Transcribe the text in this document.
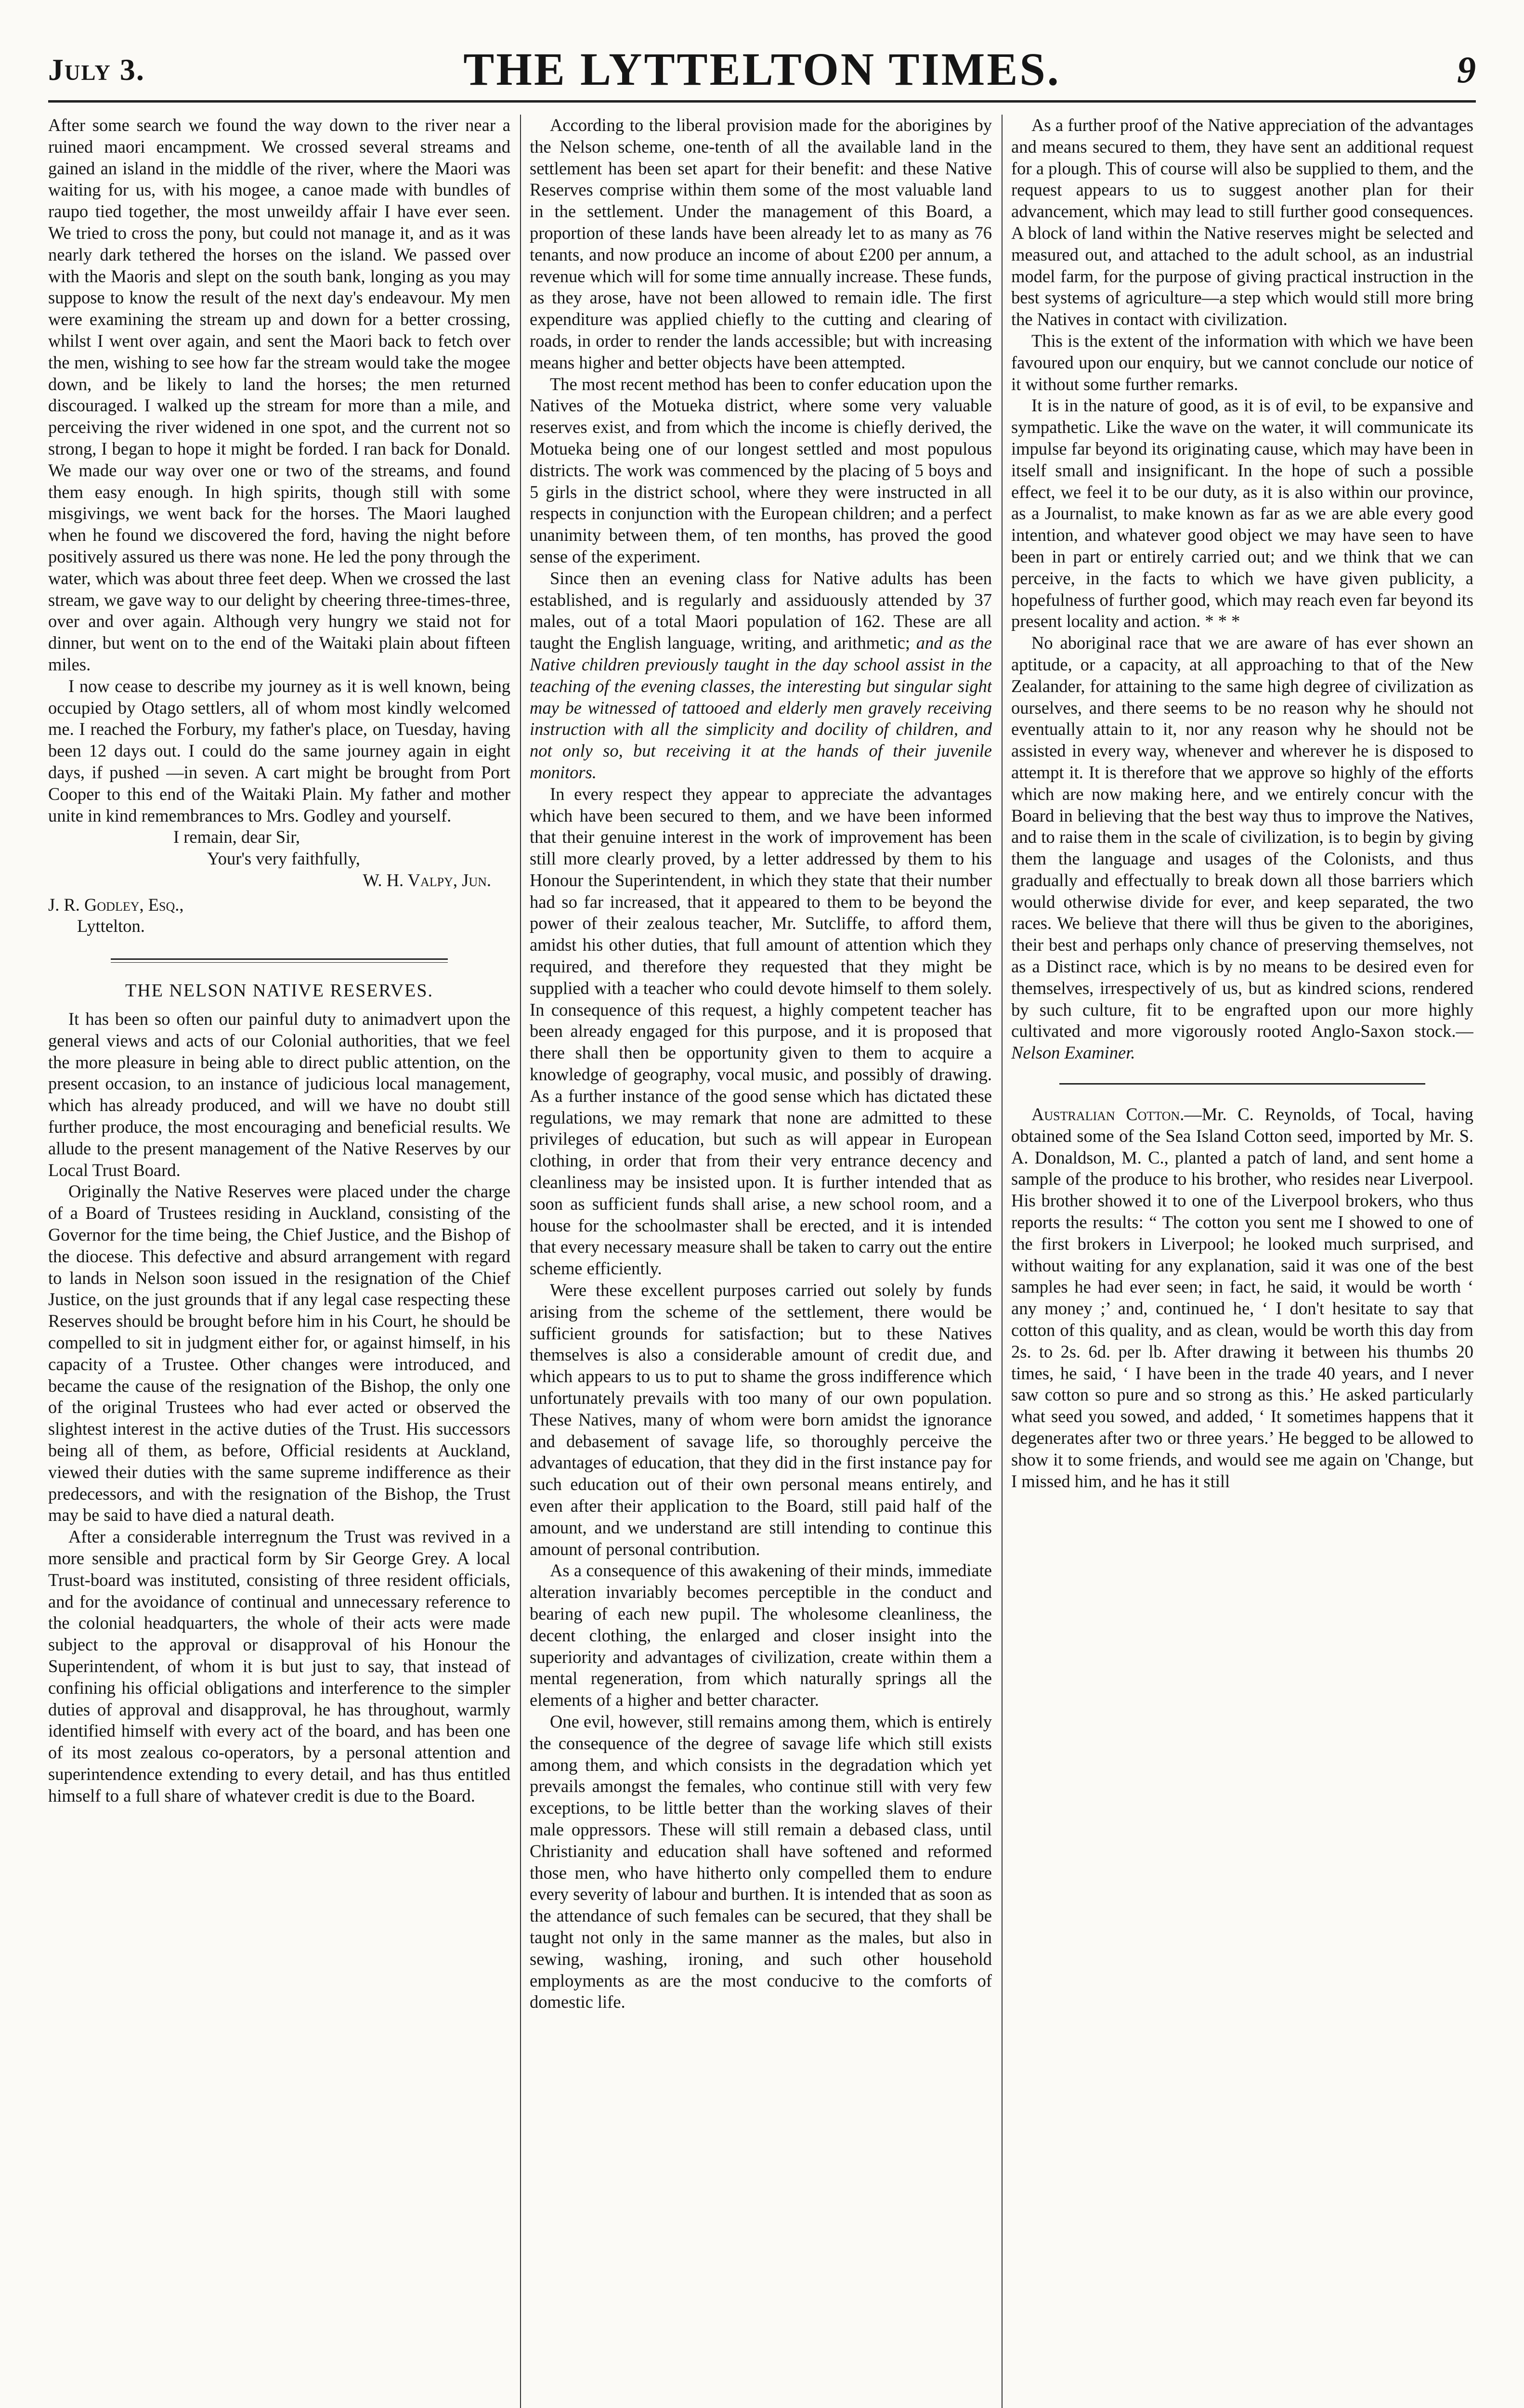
July 3.	THE LYTTELTON TIMES.	9

After some search we found the way down to the river near a ruined maori encampment. We crossed several streams and gained an island in the middle of the river, where the Maori was waiting for us, with his mogee, a canoe made with bundles of raupo tied together, the most unweildy affair I have ever seen. We tried to cross the pony, but could not manage it, and as it was nearly dark tethered the horses on the island. We passed over with the Maoris and slept on the south bank, longing as you may suppose to know the result of the next day's endeavour. My men were examining the stream up and down for a better crossing, whilst I went over again, and sent the Maori back to fetch over the men, wishing to see how far the stream would take the mogee down, and be likely to land the horses; the men returned discouraged. I walked up the stream for more than a mile, and perceiving the river widened in one spot, and the current not so strong, I began to hope it might be forded. I ran back for Donald. We made our way over one or two of the streams, and found them easy enough. In high spirits, though still with some misgivings, we went back for the horses. The Maori laughed when he found we discovered the ford, having the night before positively assured us there was none. He led the pony through the water, which was about three feet deep. When we crossed the last stream, we gave way to our delight by cheering three-times-three, over and over again. Although very hungry we staid not for dinner, but went on to the end of the Waitaki plain about fifteen miles.

I now cease to describe my journey as it is well known, being occupied by Otago settlers, all of whom most kindly welcomed me. I reached the Forbury, my father's place, on Tuesday, having been 12 days out. I could do the same journey again in eight days, if pushed —in seven. A cart might be brought from Port Cooper to this end of the Waitaki Plain. My father and mother unite in kind remembrances to Mrs. Godley and yourself.

I remain, dear Sir,
Your's very faithfully,
W. H. Valpy, Jun.
J. R. Godley, Esq.,
Lyttelton.
THE NELSON NATIVE RESERVES.

It has been so often our painful duty to animadvert upon the general views and acts of our Colonial authorities, that we feel the more pleasure in being able to direct public attention, on the present occasion, to an instance of judicious local management, which has already produced, and will we have no doubt still further produce, the most encouraging and beneficial results. We allude to the present management of the Native Reserves by our Local Trust Board.

Originally the Native Reserves were placed under the charge of a Board of Trustees residing in Auckland, consisting of the Governor for the time being, the Chief Justice, and the Bishop of the diocese. This defective and absurd arrangement with regard to lands in Nelson soon issued in the resignation of the Chief Justice, on the just grounds that if any legal case respecting these Reserves should be brought before him in his Court, he should be compelled to sit in judgment either for, or against himself, in his capacity of a Trustee. Other changes were introduced, and became the cause of the resignation of the Bishop, the only one of the original Trustees who had ever acted or observed the slightest interest in the active duties of the Trust. His successors being all of them, as before, Official residents at Auckland, viewed their duties with the same supreme indifference as their predecessors, and with the resignation of the Bishop, the Trust may be said to have died a natural death.

After a considerable interregnum the Trust was revived in a more sensible and practical form by Sir George Grey. A local Trust-board was instituted, consisting of three resident officials, and for the avoidance of continual and unnecessary reference to the colonial headquarters, the whole of their acts were made subject to the approval or disapproval of his Honour the Superintendent, of whom it is but just to say, that instead of confining his official obligations and interference to the simpler duties of approval and disapproval, he has throughout, warmly identified himself with every act of the board, and has been one of its most zealous co-operators, by a personal attention and superintendence extending to every detail, and has thus entitled himself to a full share of whatever credit is due to the Board.

According to the liberal provision made for the aborigines by the Nelson scheme, one-tenth of all the available land in the settlement has been set apart for their benefit: and these Native Reserves comprise within them some of the most valuable land in the settlement. Under the management of this Board, a proportion of these lands have been already let to as many as 76 tenants, and now produce an income of about £200 per annum, a revenue which will for some time annually increase. These funds, as they arose, have not been allowed to remain idle. The first expenditure was applied chiefly to the cutting and clearing of roads, in order to render the lands accessible; but with increasing means higher and better objects have been attempted.

The most recent method has been to confer education upon the Natives of the Motueka district, where some very valuable reserves exist, and from which the income is chiefly derived, the Motueka being one of our longest settled and most populous districts. The work was commenced by the placing of 5 boys and 5 girls in the district school, where they were instructed in all respects in conjunction with the European children; and a perfect unanimity between them, of ten months, has proved the good sense of the experiment.

Since then an evening class for Native adults has been established, and is regularly and assiduously attended by 37 males, out of a total Maori population of 162. These are all taught the English language, writing, and arithmetic; and as the Native children previously taught in the day school assist in the teaching of the evening classes, the interesting but singular sight may be witnessed of tattooed and elderly men gravely receiving instruction with all the simplicity and docility of children, and not only so, but receiving it at the hands of their juvenile monitors.

In every respect they appear to appreciate the advantages which have been secured to them, and we have been informed that their genuine interest in the work of improvement has been still more clearly proved, by a letter addressed by them to his Honour the Superintendent, in which they state that their number had so far increased, that it appeared to them to be beyond the power of their zealous teacher, Mr. Sutcliffe, to afford them, amidst his other duties, that full amount of attention which they required, and therefore they requested that they might be supplied with a teacher who could devote himself to them solely. In consequence of this request, a highly competent teacher has been already engaged for this purpose, and it is proposed that there shall then be opportunity given to them to acquire a knowledge of geography, vocal music, and possibly of drawing. As a further instance of the good sense which has dictated these regulations, we may remark that none are admitted to these privileges of education, but such as will appear in European clothing, in order that from their very entrance decency and cleanliness may be insisted upon. It is further intended that as soon as sufficient funds shall arise, a new school room, and a house for the schoolmaster shall be erected, and it is intended that every necessary measure shall be taken to carry out the entire scheme efficiently.

Were these excellent purposes carried out solely by funds arising from the scheme of the settlement, there would be sufficient grounds for satisfaction; but to these Natives themselves is also a considerable amount of credit due, and which appears to us to put to shame the gross indifference which unfortunately prevails with too many of our own population. These Natives, many of whom were born amidst the ignorance and debasement of savage life, so thoroughly perceive the advantages of education, that they did in the first instance pay for such education out of their own personal means entirely, and even after their application to the Board, still paid half of the amount, and we understand are still intending to continue this amount of personal contribution.

As a consequence of this awakening of their minds, immediate alteration invariably becomes perceptible in the conduct and bearing of each new pupil. The wholesome cleanliness, the decent clothing, the enlarged and closer insight into the superiority and advantages of civilization, create within them a mental regeneration, from which naturally springs all the elements of a higher and better character.

One evil, however, still remains among them, which is entirely the consequence of the degree of savage life which still exists among them, and which consists in the degradation which yet prevails amongst the females, who continue still with very few exceptions, to be little better than the working slaves of their male oppressors. These will still remain a debased class, until Christianity and education shall have softened and reformed those men, who have hitherto only compelled them to endure every severity of labour and burthen. It is intended that as soon as the attendance of such females can be secured, that they shall be taught not only in the same manner as the males, but also in sewing, washing, ironing, and such other household employments as are the most conducive to the comforts of domestic life.

As a further proof of the Native appreciation of the advantages and means secured to them, they have sent an additional request for a plough. This of course will also be supplied to them, and the request appears to us to suggest another plan for their advancement, which may lead to still further good consequences. A block of land within the Native reserves might be selected and measured out, and attached to the adult school, as an industrial model farm, for the purpose of giving practical instruction in the best systems of agriculture—a step which would still more bring the Natives in contact with civilization.

This is the extent of the information with which we have been favoured upon our enquiry, but we cannot conclude our notice of it without some further remarks.

It is in the nature of good, as it is of evil, to be expansive and sympathetic. Like the wave on the water, it will communicate its impulse far beyond its originating cause, which may have been in itself small and insignificant. In the hope of such a possible effect, we feel it to be our duty, as it is also within our province, as a Journalist, to make known as far as we are able every good intention, and whatever good object we may have seen to have been in part or entirely carried out; and we think that we can perceive, in the facts to which we have given publicity, a hopefulness of further good, which may reach even far beyond its present locality and action. * * *

No aboriginal race that we are aware of has ever shown an aptitude, or a capacity, at all approaching to that of the New Zealander, for attaining to the same high degree of civilization as ourselves, and there seems to be no reason why he should not eventually attain to it, nor any reason why he should not be assisted in every way, whenever and wherever he is disposed to attempt it. It is therefore that we approve so highly of the efforts which are now making here, and we entirely concur with the Board in believing that the best way thus to improve the Natives, and to raise them in the scale of civilization, is to begin by giving them the language and usages of the Colonists, and thus gradually and effectually to break down all those barriers which would otherwise divide for ever, and keep separated, the two races. We believe that there will thus be given to the aborigines, their best and perhaps only chance of preserving themselves, not as a Distinct race, which is by no means to be desired even for themselves, irrespectively of us, but as kindred scions, rendered by such culture, fit to be engrafted upon our more highly cultivated and more vigorously rooted Anglo-Saxon stock.—Nelson Examiner.

Australian Cotton.—Mr. C. Reynolds, of Tocal, having obtained some of the Sea Island Cotton seed, imported by Mr. S. A. Donaldson, M. C., planted a patch of land, and sent home a sample of the produce to his brother, who resides near Liverpool. His brother showed it to one of the Liverpool brokers, who thus reports the results: “ The cotton you sent me I showed to one of the first brokers in Liverpool; he looked much surprised, and without waiting for any explanation, said it was one of the best samples he had ever seen; in fact, he said, it would be worth ‘ any money ;’ and, continued he, ‘ I don't hesitate to say that cotton of this quality, and as clean, would be worth this day from 2s. to 2s. 6d. per lb. After drawing it between his thumbs 20 times, he said, ‘ I have been in the trade 40 years, and I never saw cotton so pure and so strong as this.’ He asked particularly what seed you sowed, and added, ‘ It sometimes happens that it degenerates after two or three years.’ He begged to be allowed to show it to some friends, and would see me again on 'Change, but I missed him, and he has it still
